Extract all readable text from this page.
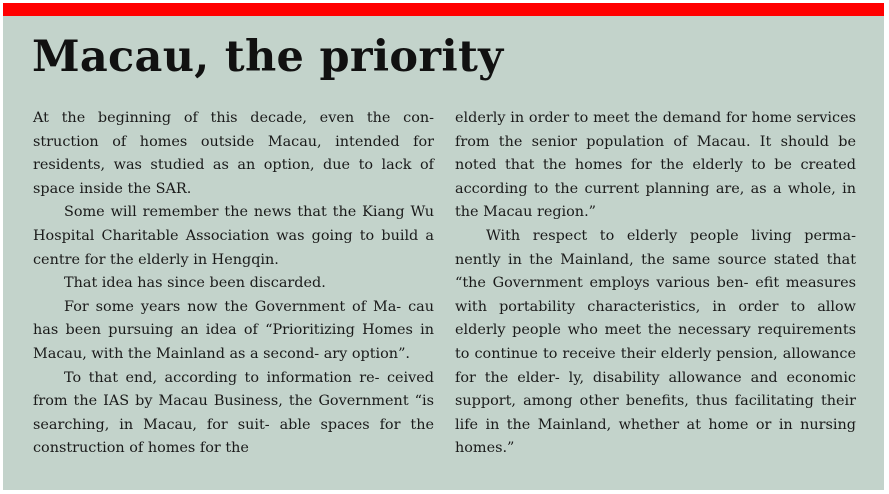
Macau, the priority

At the beginning of this decade, even the con- struction of homes outside Macau, intended for residents, was studied as an option, due to lack of space inside the SAR.

Some will remember the news that the Kiang Wu Hospital Charitable Association was going to build a centre for the elderly in Hengqin.

That idea has since been discarded.

For some years now the Government of Ma- cau has been pursuing an idea of “Prioritizing Homes in Macau, with the Mainland as a second- ary option”.

To that end, according to information re- ceived from the IAS by Macau Business, the Government “is searching, in Macau, for suit- able spaces for the construction of homes for the

elderly in order to meet the demand for home services from the senior population of Macau. It should be noted that the homes for the elderly to be created according to the current planning are, as a whole, in the Macau region.”

With respect to elderly people living perma- nently in the Mainland, the same source stated that “the Government employs various ben- efit measures with portability characteristics, in order to allow elderly people who meet the necessary requirements to continue to receive their elderly pension, allowance for the elder- ly, disability allowance and economic support, among other benefits, thus facilitating their life in the Mainland, whether at home or in nursing homes.”
